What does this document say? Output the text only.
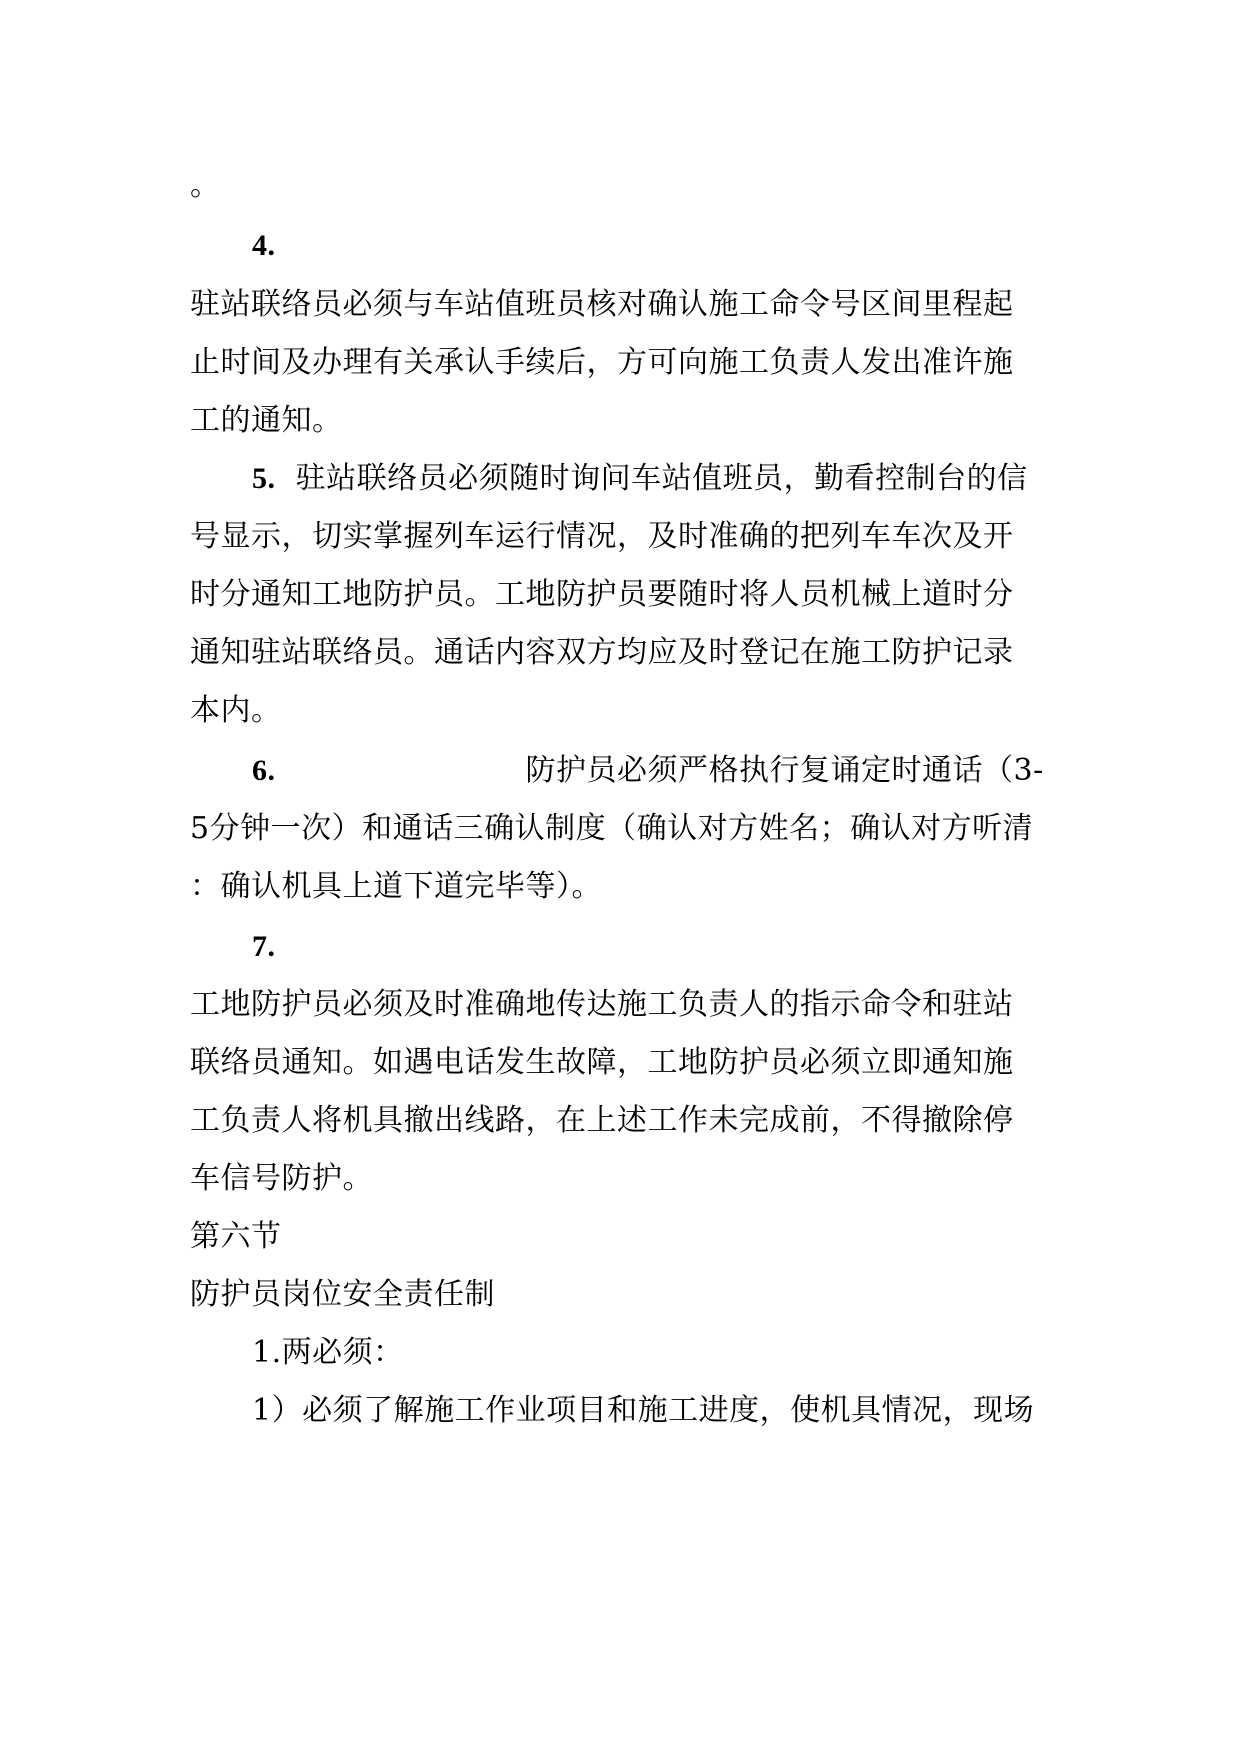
。
4.
驻站联络员必须与车站值班员核对确认施工命令号区间里程起
止时间及办理有关承认手续后，方可向施工负责人发出准许施
工的通知。
5. 驻站联络员必须随时询问车站值班员，勤看控制台的信
号显示，切实掌握列车运行情况，及时准确的把列车车次及开
时分通知工地防护员。工地防护员要随时将人员机械上道时分
通知驻站联络员。通话内容双方均应及时登记在施工防护记录
本内。
6.	防护员必须严格执行复诵定时通话（3-
5分钟一次）和通话三确认制度（确认对方姓名；确认对方听清
：确认机具上道下道完毕等）。
7.
工地防护员必须及时准确地传达施工负责人的指示命令和驻站
联络员通知。如遇电话发生故障，工地防护员必须立即通知施
工负责人将机具撤出线路，在上述工作未完成前，不得撤除停
车信号防护。
第六节
防护员岗位安全责任制
1.两必须：
1）必须了解施工作业项目和施工进度，使机具情况，现场
